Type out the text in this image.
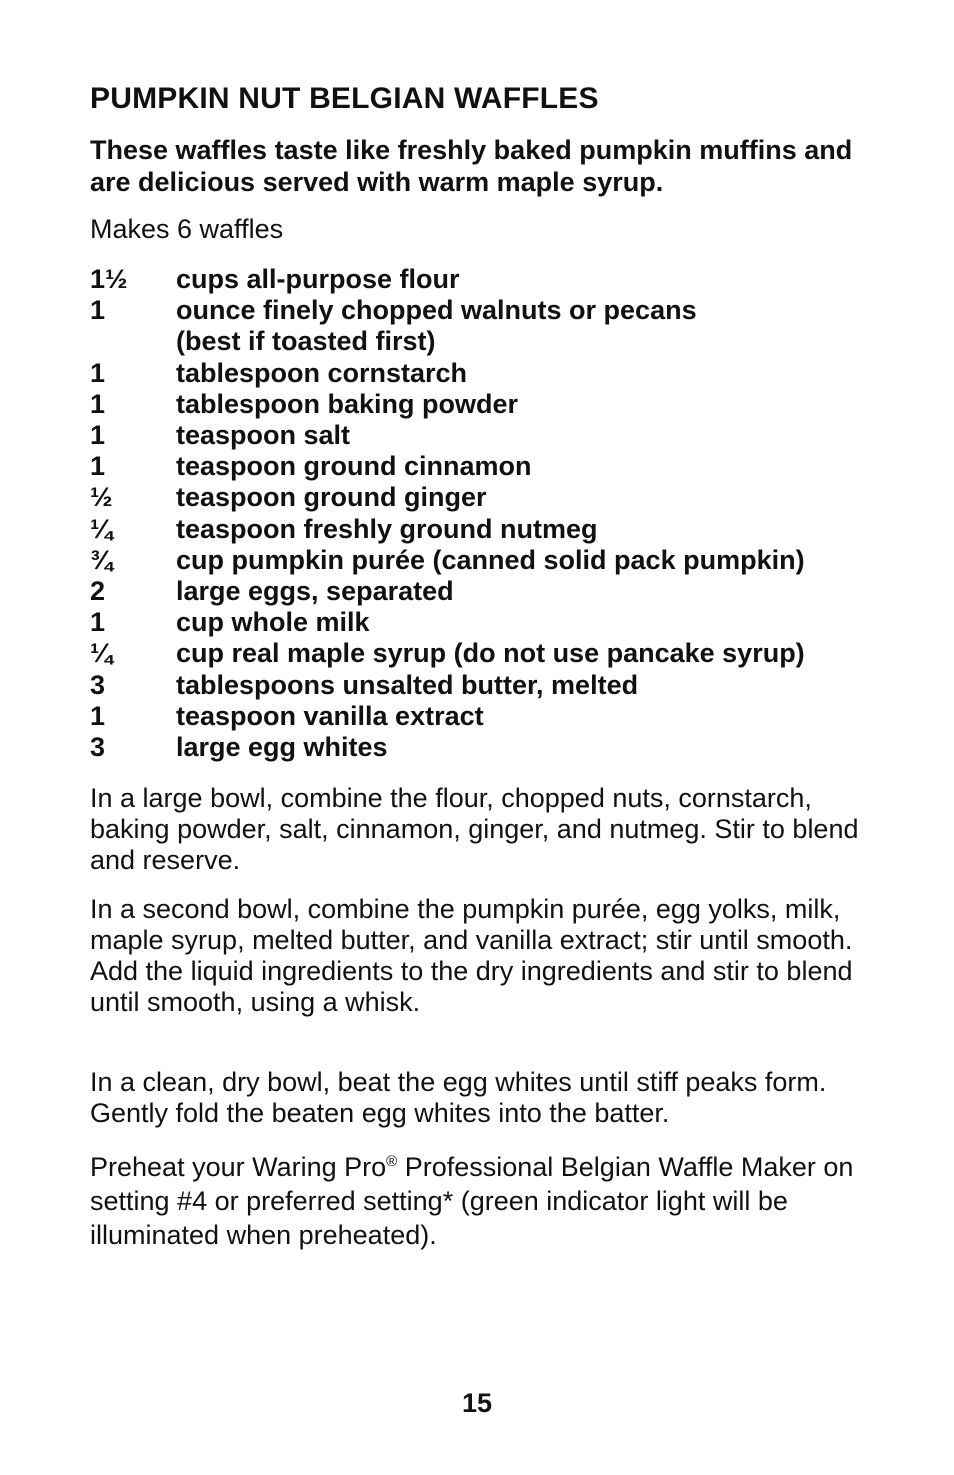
PUMPKIN NUT BELGIAN WAFFLES

These waffles taste like freshly baked pumpkin muffins and are delicious served with warm maple syrup.

Makes 6 waffles

1½	cups all-purpose flour
1	ounce finely chopped walnuts or pecans
(best if toasted first)
1	tablespoon cornstarch
1	tablespoon baking powder
1	teaspoon salt
1	teaspoon ground cinnamon
½	teaspoon ground ginger
¼	teaspoon freshly ground nutmeg
¾	cup pumpkin purée (canned solid pack pumpkin)
2	large eggs, separated
1	cup whole milk
¼	cup real maple syrup (do not use pancake syrup)
3	tablespoons unsalted butter, melted
1	teaspoon vanilla extract
3	large egg whites

In a large bowl, combine the flour, chopped nuts, cornstarch, baking powder, salt, cinnamon, ginger, and nutmeg. Stir to blend and reserve.

In a second bowl, combine the pumpkin purée, egg yolks, milk, maple syrup, melted butter, and vanilla extract; stir until smooth. Add the liquid ingredients to the dry ingredients and stir to blend until smooth, using a whisk.

In a clean, dry bowl, beat the egg whites until stiff peaks form. Gently fold the beaten egg whites into the batter.

Preheat your Waring Pro® Professional Belgian Waffle Maker on setting #4 or preferred setting* (green indicator light will be illuminated when preheated).

15
